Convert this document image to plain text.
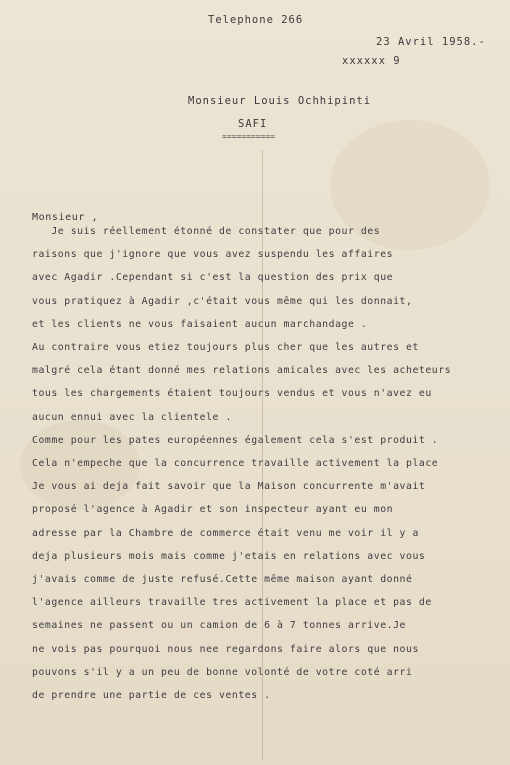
Telephone 266
23 Avril 1958.-
xxxxxx 9
Monsieur Louis Ochhipinti
SAFI
===========
Monsieur ,
Je suis réellement étonné de constater que pour des
raisons que j'ignore que vous avez suspendu les affaires
avec Agadir .Cependant si c'est la question des prix que
vous pratiquez à Agadir ,c'était vous même qui les donnait,
et les clients ne vous faisaient aucun marchandage .
Au contraire vous etiez toujours plus cher que les autres et
malgré cela étant donné mes relations amicales avec les acheteurs
tous les chargements étaient toujours vendus et vous n'avez eu
aucun ennui avec la clientele .
Comme pour les pates européennes également cela s'est produit .
Cela n'empeche que la concurrence travaille activement la place
Je vous ai deja fait savoir que la Maison concurrente m'avait
proposé l'agence à Agadir et son inspecteur ayant eu mon
adresse par la Chambre de commerce était venu me voir il y a
deja plusieurs mois mais comme j'etais en relations avec vous
j'avais comme de juste refusé.Cette même maison ayant donné
l'agence ailleurs travaille tres activement la place et pas de
semaines ne passent ou un camion de 6 à 7 tonnes arrive.Je
ne vois pas pourquoi nous nee regardons faire alors que nous
pouvons s'il y a un peu de bonne volonté de votre coté arri
de prendre une partie de ces ventes .
